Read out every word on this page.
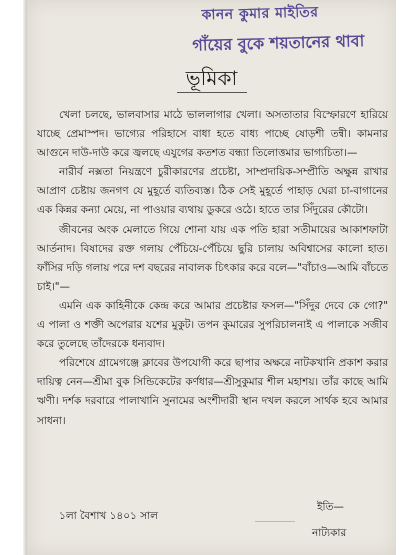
কানন কুমার মাইতির
গাঁয়ের বুকে শয়তানের থাবা
ভূমিকা

খেলা চলছে, ভালবাসার মাঠে ভাললাগার খেলা। অসতাতার বিস্ফোরণে হারিয়ে যাচ্ছে প্রেমাস্পদ। ভাগ্যের পরিহাসে বাধা হতে বাধ্য পাচ্ছে ষোড়শী তন্বী। কামনার আগুনে দাউ-দাউ করে জ্বলছে এযুগের কতশত বন্ধ্যা তিলোত্তমার ভাগ্যচিতা।—

নারীর্ব নক্সতা নিয়ন্ত্রণে চুরীকারণের প্রচেষ্টা, সাম্প্রদায়িক-সম্প্রীতি অক্ষুন্ন রাখার আপ্রাণ চেষ্টায় জনগণ যে মুহূর্তে ব্যতিব্যস্ত। ঠিক সেই মুহূর্তে পাহাড় ঘেরা চা-বাগানের এক কিন্নর কন্যা মেয়ে, না পাওয়ার ব্যথায় ডুকরে ওঠে। হাতে তার সিঁদুরের কৌটো।

জীবনের অংক মেলাতে গিয়ে শোনা যায় এক পতি হারা সতীমায়ের আকাশফাটা আর্তনাদ। বিষাদের রক্ত গলায় পেঁচিয়ে-পেঁচিয়ে ছুরি চালায় অবিশ্বাসের কালো হাত। ফাঁসির দড়ি গলায় পরে দশ বছরের নাবালক চিৎকার করে বলে—"বাঁচাও—আমি বাঁচতে চাই।"—

এমনি এক কাহিনীকে কেন্দ্র করে আমার প্রচেষ্টার ফসল—"সিঁদুর দেবে কে গো?" এ পালা ও শক্তী অপেরার যশের মুকুট। তপন কুমারের সুপরিচালনাই এ পালাকে সজীব করে তুলেছে তাঁদেরকে ধন্যবাদ।

পরিশেষে গ্রামেগঞ্জে ক্লাবের উপযোগী করে ছাপার অক্ষরে নাটকখানি প্রকাশ করার দায়িত্ব নেন—শ্রীমা বুক সিন্ডিকেটের কর্ণধার—শ্রীসুকুমার শীল মহাশয়। তাঁর কাছে আমি ঋণী। দর্শক দরবারে পালাখানি সুনামের অংশীদারী স্থান দখল করলে সার্থক হবে আমার সাধনা।

১লা বৈশাখ ১৪০১ সাল
ইতি—
নাট্যকার
